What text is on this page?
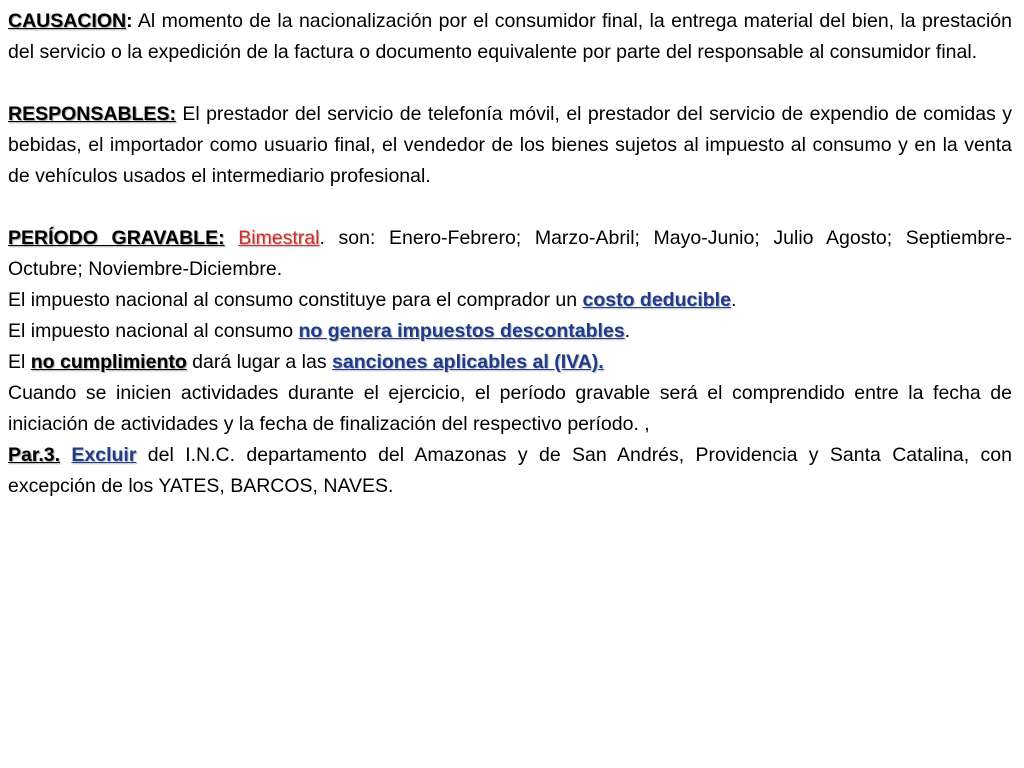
CAUSACION: Al momento de la nacionalización por el consumidor final, la entrega material del bien, la prestación del servicio o la expedición de la factura o documento equivalente por parte del responsable al consumidor final.

RESPONSABLES: El prestador del servicio de telefonía móvil, el prestador del servicio de expendio de comidas y bebidas, el importador como usuario final, el vendedor de los bienes sujetos al impuesto al consumo y en la venta de vehículos usados el intermediario profesional.

PERÍODO GRAVABLE: Bimestral. son: Enero-Febrero; Marzo-Abril; Mayo-Junio; Julio Agosto; Septiembre-Octubre; Noviembre-Diciembre.

El impuesto nacional al consumo constituye para el comprador un costo deducible.

El impuesto nacional al consumo no genera impuestos descontables.

El no cumplimiento dará lugar a las sanciones aplicables al (IVA).

Cuando se inicien actividades durante el ejercicio, el período gravable será el comprendido entre la fecha de iniciación de actividades y la fecha de finalización del respectivo período. ,

Par.3. Excluir del I.N.C. departamento del Amazonas y de San Andrés, Providencia y Santa Catalina, con excepción de los YATES, BARCOS, NAVES.
